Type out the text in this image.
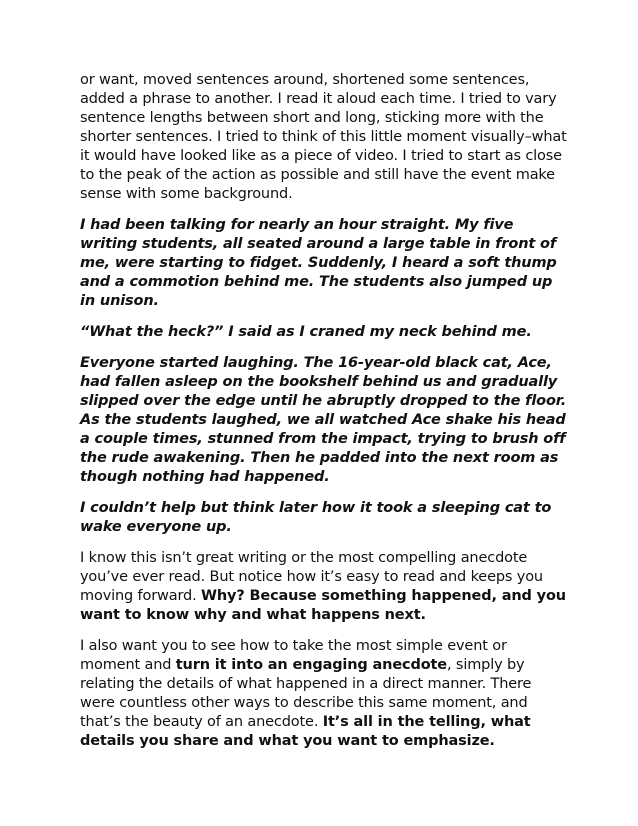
or want, moved sentences around, shortened some sentences, added a phrase to another. I read it aloud each time. I tried to vary sentence lengths between short and long, sticking more with the shorter sentences. I tried to think of this little moment visually–what it would have looked like as a piece of video. I tried to start as close to the peak of the action as possible and still have the event make sense with some background.

I had been talking for nearly an hour straight. My five writing students, all seated around a large table in front of me, were starting to fidget. Suddenly, I heard a soft thump and a commotion behind me. The students also jumped up in unison.

“What the heck?” I said as I craned my neck behind me.

Everyone started laughing. The 16-year-old black cat, Ace, had fallen asleep on the bookshelf behind us and gradually slipped over the edge until he abruptly dropped to the floor. As the students laughed, we all watched Ace shake his head a couple times, stunned from the impact, trying to brush off the rude awakening. Then he padded into the next room as though nothing had happened.

I couldn’t help but think later how it took a sleeping cat to wake everyone up.

I know this isn’t great writing or the most compelling anecdote you’ve ever read. But notice how it’s easy to read and keeps you moving forward. Why? Because something happened, and you want to know why and what happens next.

I also want you to see how to take the most simple event or moment and turn it into an engaging anecdote, simply by relating the details of what happened in a direct manner. There were countless other ways to describe this same moment, and that’s the beauty of an anecdote. It’s all in the telling, what details you share and what you want to emphasize.
